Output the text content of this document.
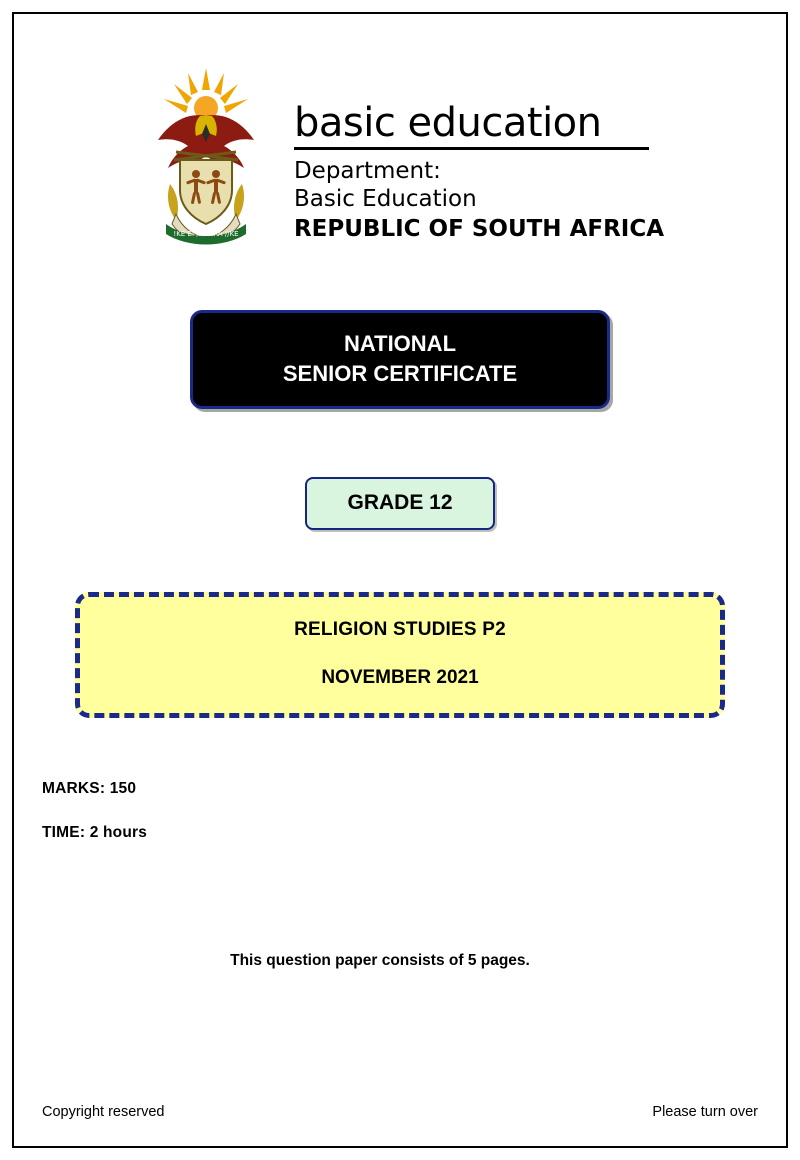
!KE E: /XARRA //KE
basic education
Department:
Basic Education
REPUBLIC OF SOUTH AFRICA
NATIONAL
SENIOR CERTIFICATE
GRADE 12
RELIGION STUDIES P2
NOVEMBER 2021
MARKS: 150
TIME: 2 hours
This question paper consists of 5 pages.
Copyright reserved	Please turn over
